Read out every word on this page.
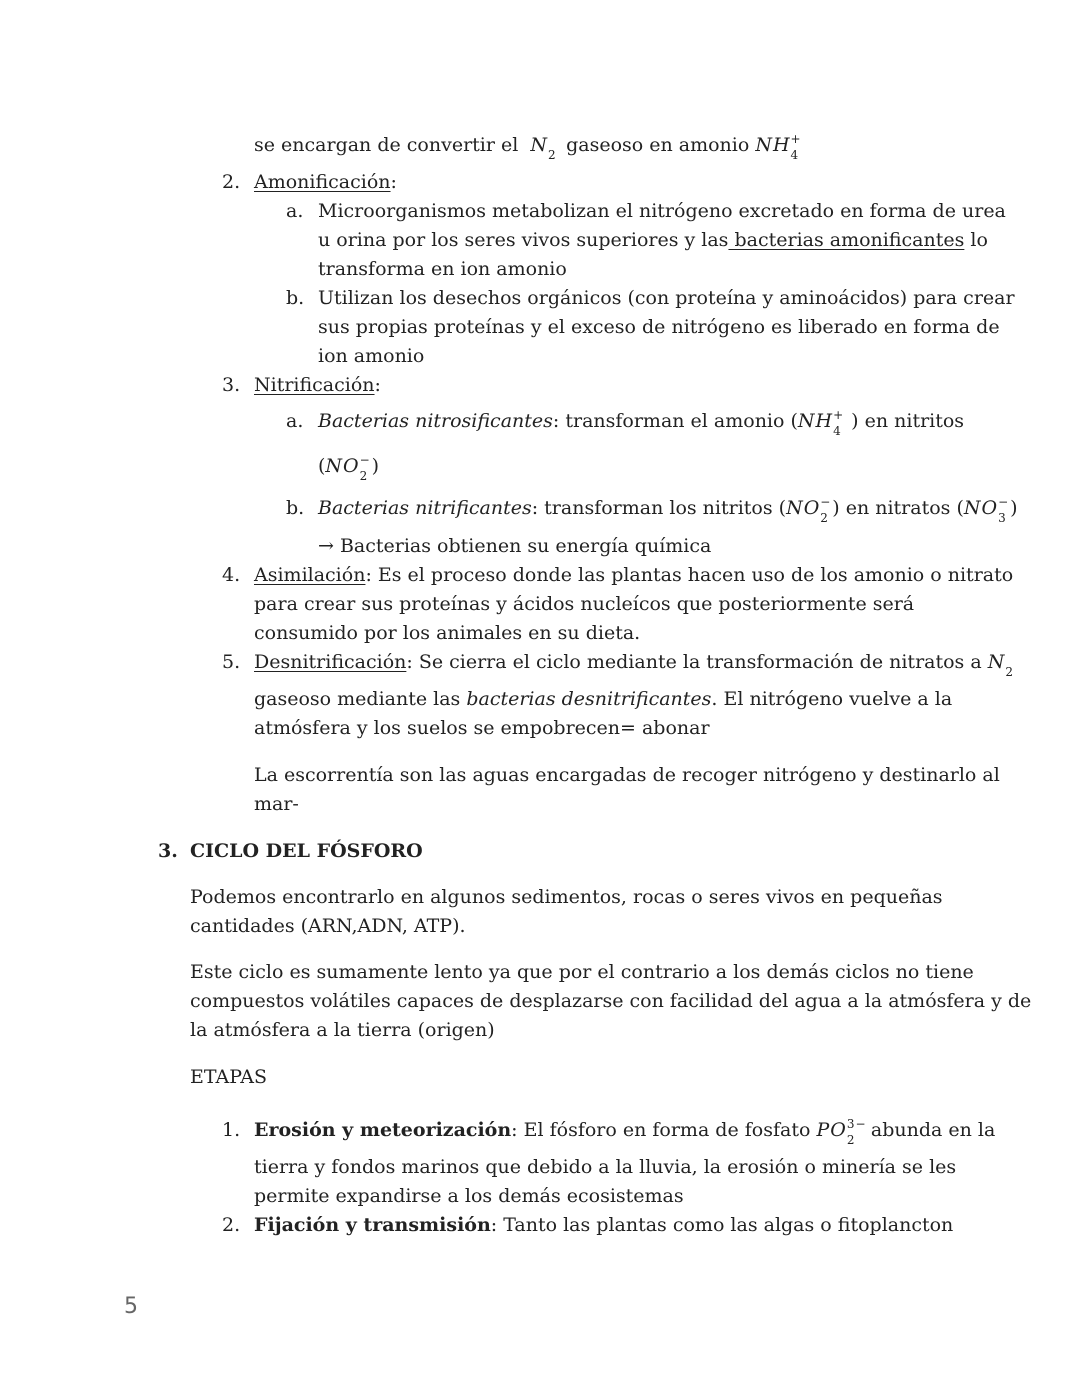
se encargan de convertir el N 2 gaseoso en amonio NH +
4
2. Amonificación:
a. Microorganismos metabolizan el nitrógeno excretado en forma de urea
u orina por los seres vivos superiores y las bacterias amonificantes lo
transforma en ion amonio
b. Utilizan los desechos orgánicos (con proteína y aminoácidos) para crear
sus propias proteínas y el exceso de nitrógeno es liberado en forma de
ion amonio
3. Nitrificación:
a. Bacterias nitrosificantes: transforman el amonio (NH +
4 ) en nitritos
(NO −
2 )
b. Bacterias nitrificantes: transforman los nitritos (NO −
2 ) en nitratos (NO −
3 )
→ Bacterias obtienen su energía química
4. Asimilación: Es el proceso donde las plantas hacen uso de los amonio o nitrato
para crear sus proteínas y ácidos nucleícos que posteriormente será
consumido por los animales en su dieta.
5. Desnitrificación: Se cierra el ciclo mediante la transformación de nitratos a N 2
gaseoso mediante las bacterias desnitrificantes. El nitrógeno vuelve a la
atmósfera y los suelos se empobrecen= abonar
La escorrentía son las aguas encargadas de recoger nitrógeno y destinarlo al
mar-
3. CICLO DEL FÓSFORO
Podemos encontrarlo en algunos sedimentos, rocas o seres vivos en pequeñas
cantidades (ARN,ADN, ATP).
Este ciclo es sumamente lento ya que por el contrario a los demás ciclos no tiene
compuestos volátiles capaces de desplazarse con facilidad del agua a la atmósfera y de
la atmósfera a la tierra (origen)
ETAPAS
1. Erosión y meteorización: El fósforo en forma de fosfato PO 3−
2 abunda en la
tierra y fondos marinos que debido a la lluvia, la erosión o minería se les
permite expandirse a los demás ecosistemas
2. Fijación y transmisión: Tanto las plantas como las algas o fitoplancton
5
